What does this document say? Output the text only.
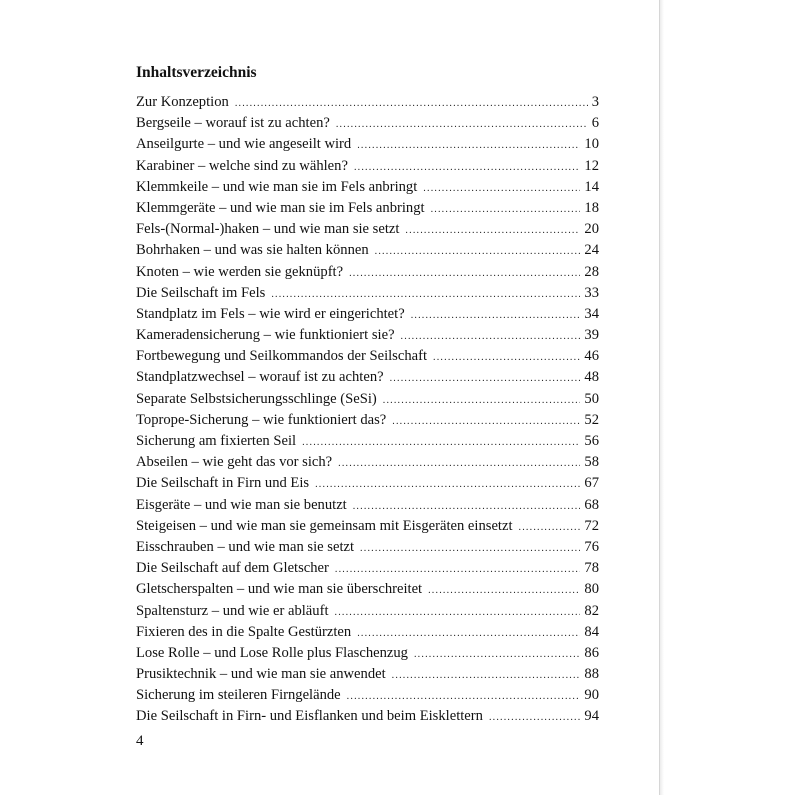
Inhaltsverzeichnis
Zur Konzeption .....	3
Bergseile – worauf ist zu achten? .....	6
Anseilgurte – und wie angeseilt wird .....	10
Karabiner – welche sind zu wählen? .....	12
Klemmkeile – und wie man sie im Fels anbringt .....	14
Klemmgeräte – und wie man sie im Fels anbringt .....	18
Fels-(Normal-)haken – und wie man sie setzt .....	20
Bohrhaken – und was sie halten können .....	24
Knoten – wie werden sie geknüpft? .....	28
Die Seilschaft im Fels .....	33
Standplatz im Fels – wie wird er eingerichtet? .....	34
Kameradensicherung – wie funktioniert sie? .....	39
Fortbewegung und Seilkommandos der Seilschaft .....	46
Standplatzwechsel – worauf ist zu achten? .....	48
Separate Selbstsicherungsschlinge (SeSi) .....	50
Toprope-Sicherung – wie funktioniert das? .....	52
Sicherung am fixierten Seil .....	56
Abseilen – wie geht das vor sich? .....	58
Die Seilschaft in Firn und Eis .....	67
Eisgeräte – und wie man sie benutzt .....	68
Steigeisen – und wie man sie gemeinsam mit Eisgeräten einsetzt .....	72
Eisschrauben – und wie man sie setzt .....	76
Die Seilschaft auf dem Gletscher .....	78
Gletscherspalten – und wie man sie überschreitet .....	80
Spaltensturz – und wie er abläuft .....	82
Fixieren des in die Spalte Gestürzten .....	84
Lose Rolle – und Lose Rolle plus Flaschenzug .....	86
Prusiktechnik – und wie man sie anwendet .....	88
Sicherung im steileren Firngelände .....	90
Die Seilschaft in Firn- und Eisflanken und beim Eisklettern .....	94
4
